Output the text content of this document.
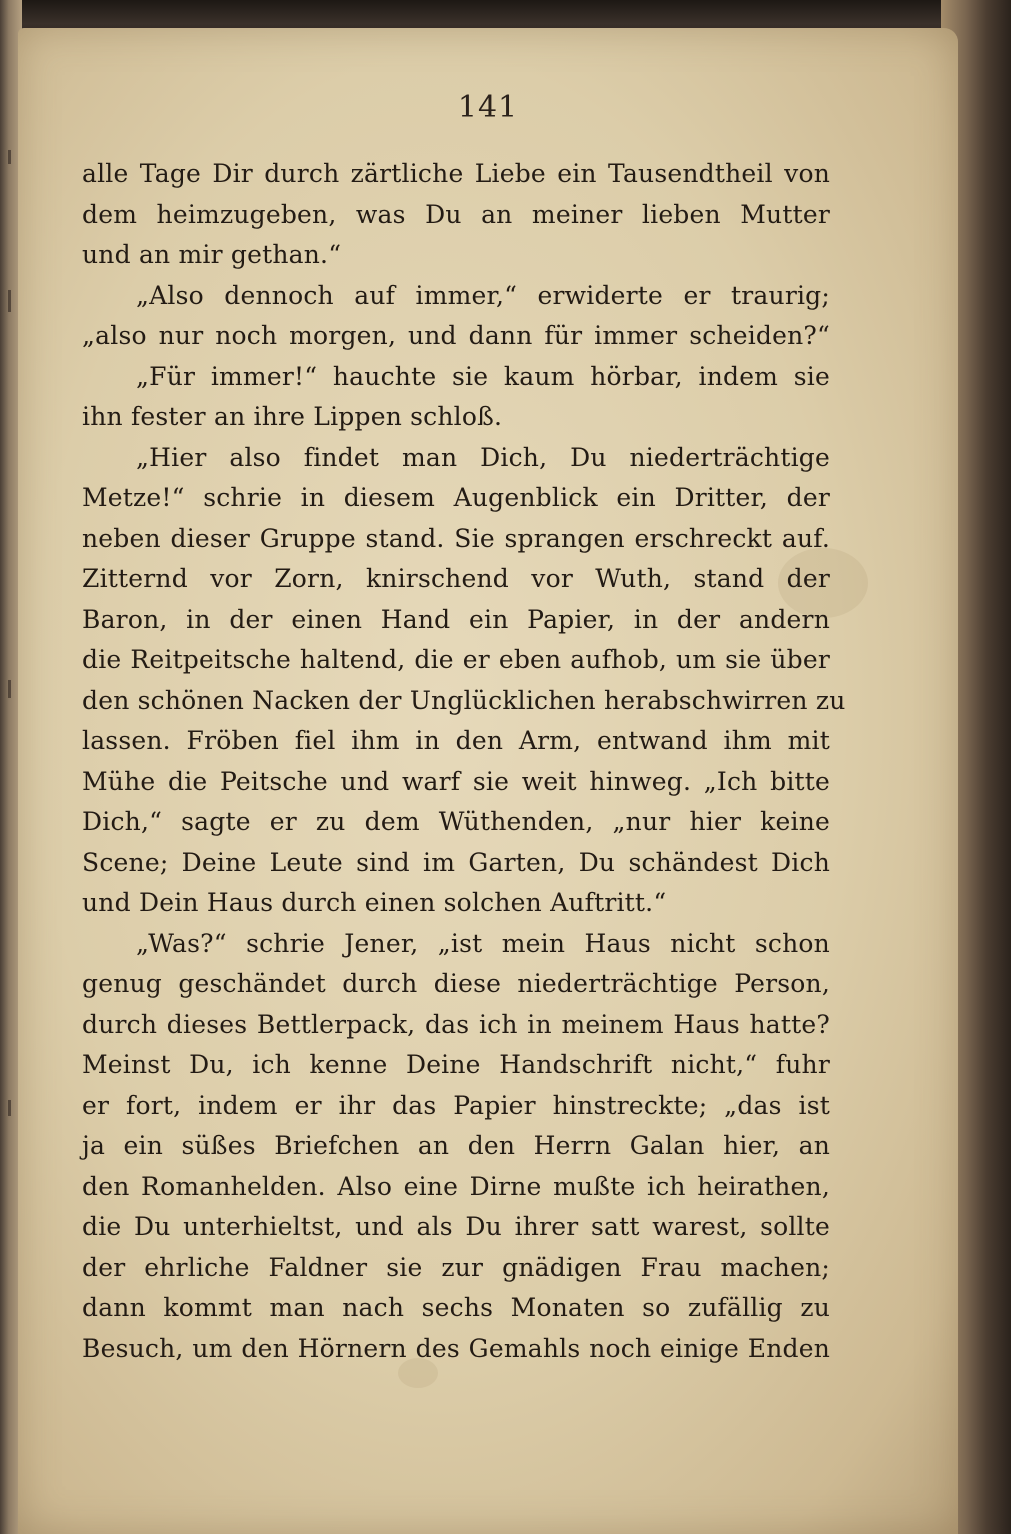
141
alle Tage Dir durch zärtliche Liebe ein Tausendtheil von
dem heimzugeben, was Du an meiner lieben Mutter
und an mir gethan.“
„Also dennoch auf immer,“ erwiderte er traurig;
„also nur noch morgen, und dann für immer scheiden?“
„Für immer!“ hauchte sie kaum hörbar, indem sie
ihn fester an ihre Lippen schloß.
„Hier also findet man Dich, Du niederträchtige
Metze!“ schrie in diesem Augenblick ein Dritter, der
neben dieser Gruppe stand. Sie sprangen erschreckt auf.
Zitternd vor Zorn, knirschend vor Wuth, stand der
Baron, in der einen Hand ein Papier, in der andern
die Reitpeitsche haltend, die er eben aufhob, um sie über
den schönen Nacken der Unglücklichen herabschwirren zu
lassen. Fröben fiel ihm in den Arm, entwand ihm mit
Mühe die Peitsche und warf sie weit hinweg. „Ich bitte
Dich,“ sagte er zu dem Wüthenden, „nur hier keine
Scene; Deine Leute sind im Garten, Du schändest Dich
und Dein Haus durch einen solchen Auftritt.“
„Was?“ schrie Jener, „ist mein Haus nicht schon
genug geschändet durch diese niederträchtige Person,
durch dieses Bettlerpack, das ich in meinem Haus hatte?
Meinst Du, ich kenne Deine Handschrift nicht,“ fuhr
er fort, indem er ihr das Papier hinstreckte; „das ist
ja ein süßes Briefchen an den Herrn Galan hier, an
den Romanhelden. Also eine Dirne mußte ich heirathen,
die Du unterhieltst, und als Du ihrer satt warest, sollte
der ehrliche Faldner sie zur gnädigen Frau machen;
dann kommt man nach sechs Monaten so zufällig zu
Besuch, um den Hörnern des Gemahls noch einige Enden
